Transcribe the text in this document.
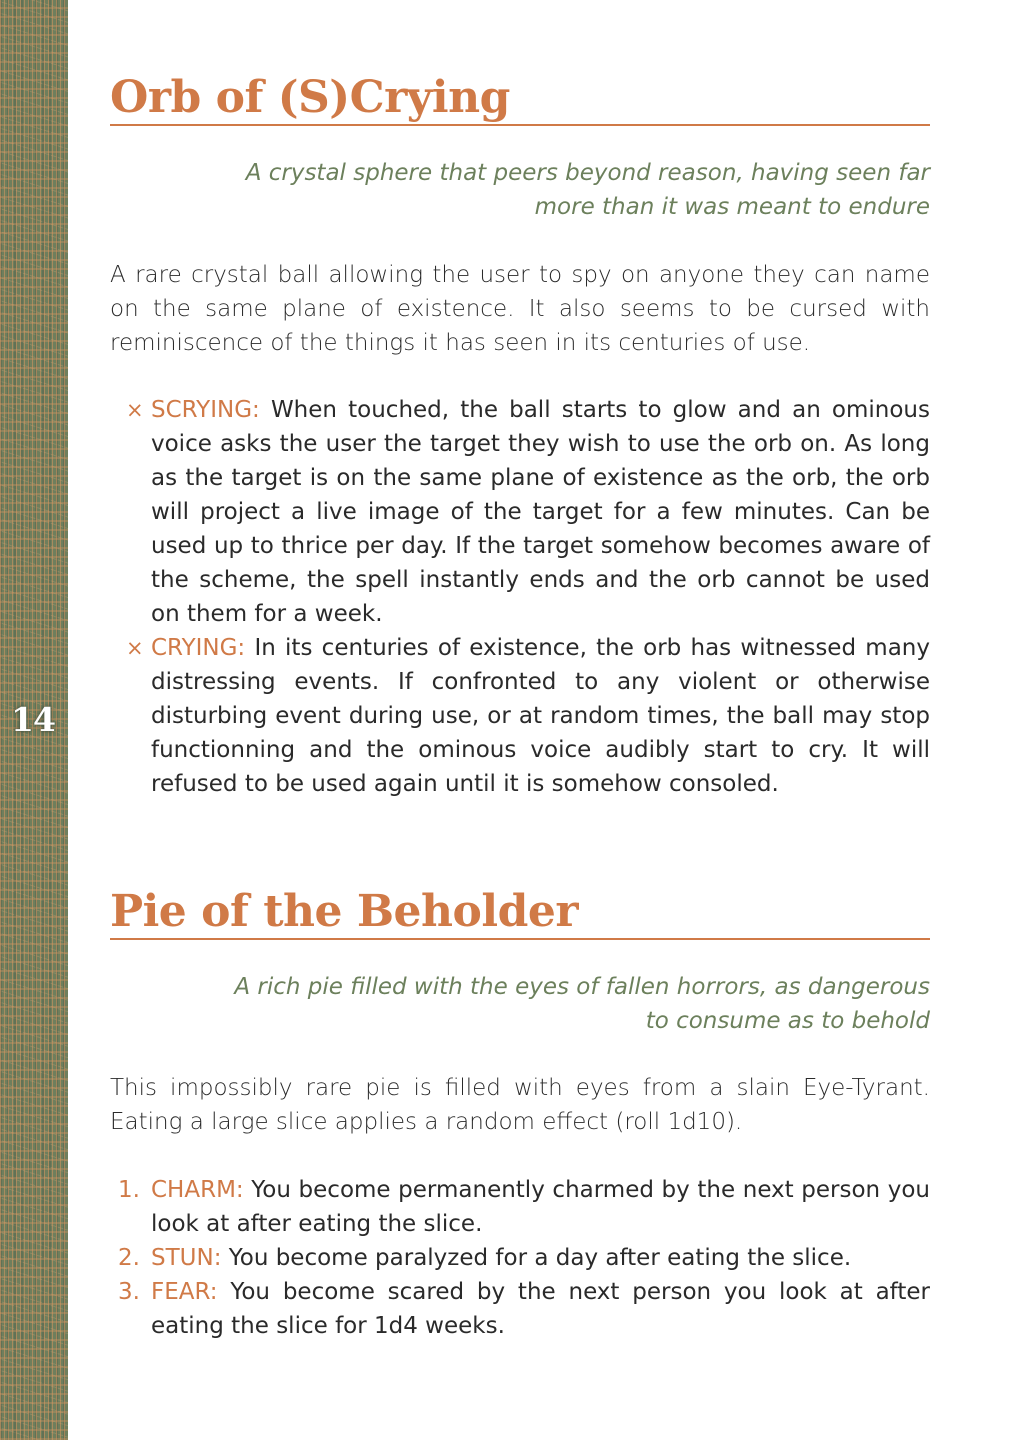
14
Orb of (S)Crying

A crystal sphere that peers beyond reason, having seen far more than it was meant to endure

A rare crystal ball allowing the user to spy on anyone they can name on the same plane of existence. It also seems to be cursed with reminiscence of the things it has seen in its centuries of use.

× SCRYING: When touched, the ball starts to glow and an ominous voice asks the user the target they wish to use the orb on. As long as the target is on the same plane of existence as the orb, the orb will project a live image of the target for a few minutes. Can be used up to thrice per day. If the target somehow becomes aware of the scheme, the spell instantly ends and the orb cannot be used on them for a week.
× CRYING: In its centuries of existence, the orb has witnessed many distressing events. If confronted to any violent or otherwise disturbing event during use, or at random times, the ball may stop functionning and the ominous voice audibly start to cry. It will refused to be used again until it is somehow consoled.
Pie of the Beholder

A rich pie filled with the eyes of fallen horrors, as dangerous to consume as to behold

This impossibly rare pie is filled with eyes from a slain Eye-Tyrant. Eating a large slice applies a random effect (roll 1d10).

1. CHARM: You become permanently charmed by the next person you look at after eating the slice.
2. STUN: You become paralyzed for a day after eating the slice.
3. FEAR: You become scared by the next person you look at after eating the slice for 1d4 weeks.
